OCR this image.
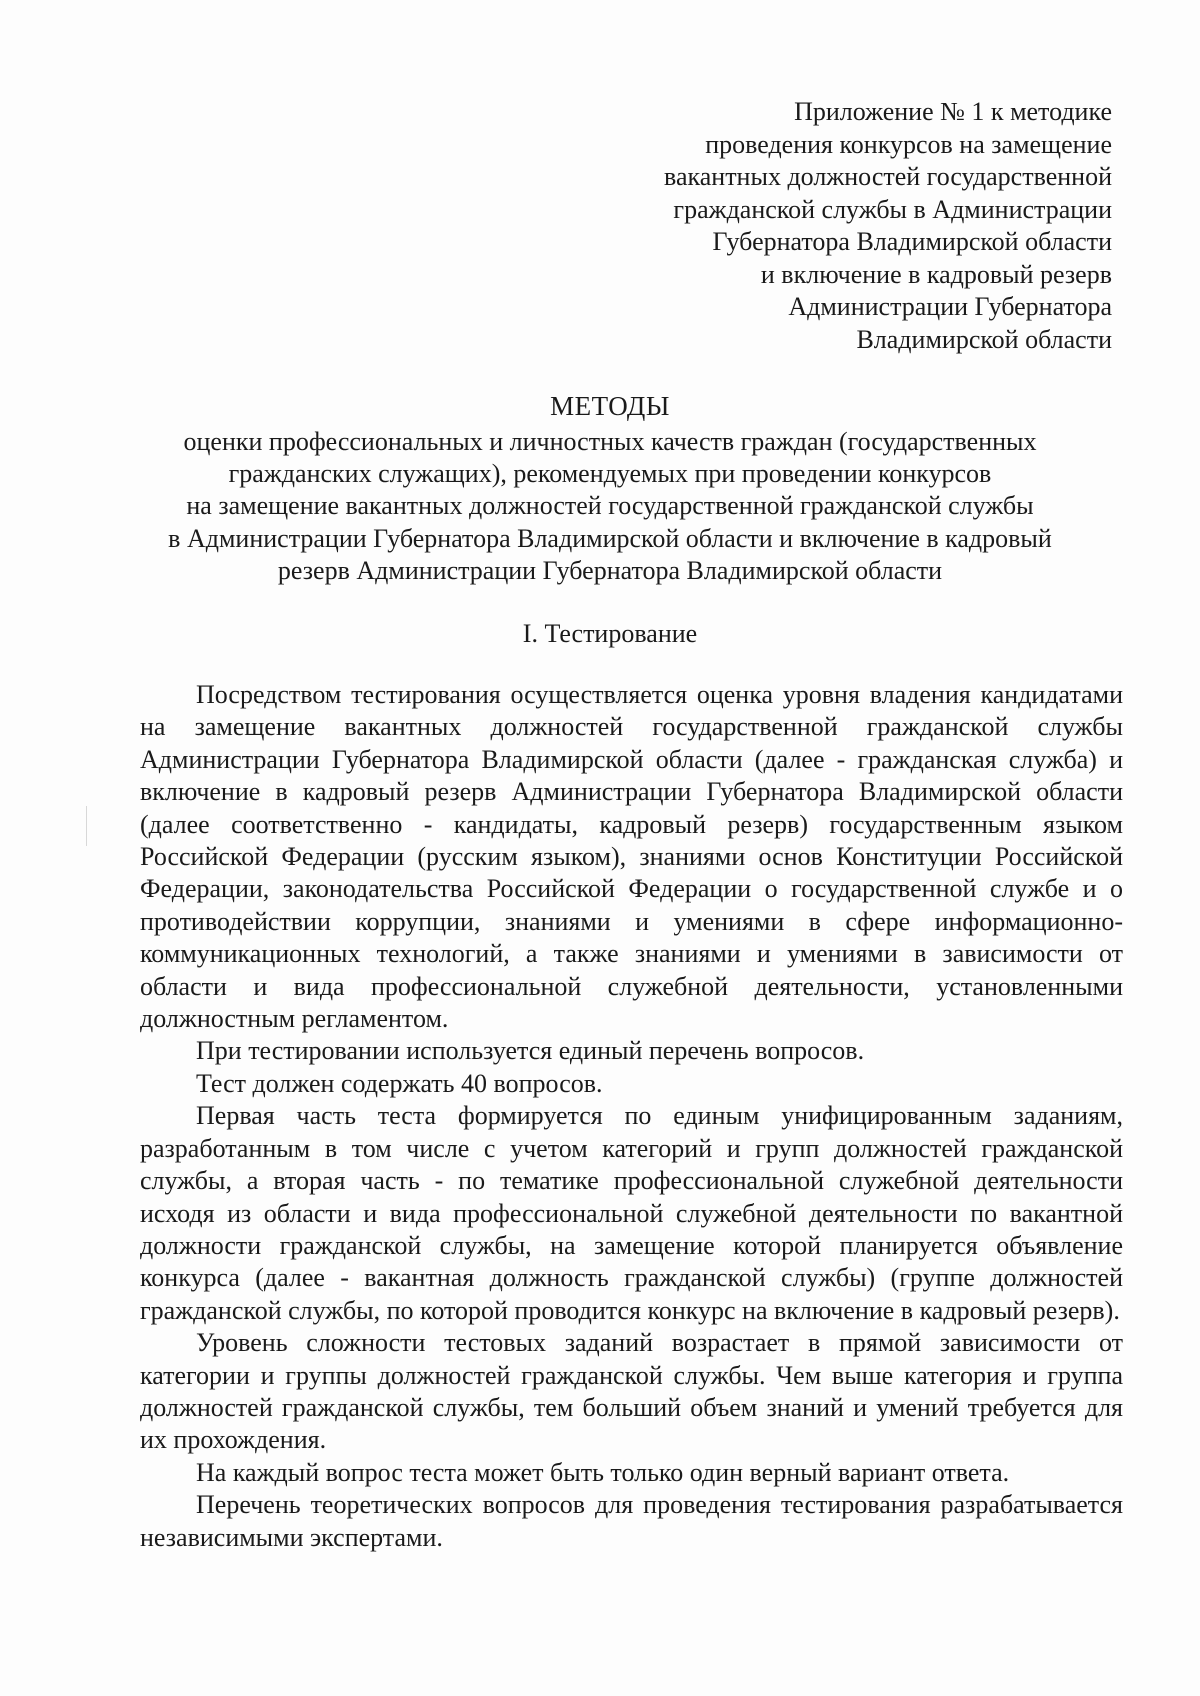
Приложение № 1 к методике
проведения конкурсов на замещение
вакантных должностей государственной
гражданской службы в Администрации
Губернатора Владимирской области
и включение в кадровый резерв
Администрации Губернатора
Владимирской области
МЕТОДЫ
оценки профессиональных и личностных качеств граждан (государственных
гражданских служащих), рекомендуемых при проведении конкурсов
на замещение вакантных должностей государственной гражданской службы
в Администрации Губернатора Владимирской области и включение в кадровый
резерв Администрации Губернатора Владимирской области
I. Тестирование

Посредством тестирования осуществляется оценка уровня владения кандидатами на замещение вакантных должностей государственной гражданской службы Администрации Губернатора Владимирской области (далее - гражданская служба) и включение в кадровый резерв Администрации Губернатора Владимирской области (далее соответственно - кандидаты, кадровый резерв) государственным языком Российской Федерации (русским языком), знаниями основ Конституции Российской Федерации, законодательства Российской Федерации о государственной службе и о противодействии коррупции, знаниями и умениями в сфере информационно-коммуникационных технологий, а также знаниями и умениями в зависимости от области и вида профессиональной служебной деятельности, установленными должностным регламентом.

При тестировании используется единый перечень вопросов.

Тест должен содержать 40 вопросов.

Первая часть теста формируется по единым унифицированным заданиям, разработанным в том числе с учетом категорий и групп должностей гражданской службы, а вторая часть - по тематике профессиональной служебной деятельности исходя из области и вида профессиональной служебной деятельности по вакантной должности гражданской службы, на замещение которой планируется объявление конкурса (далее - вакантная должность гражданской службы) (группе должностей гражданской службы, по которой проводится конкурс на включение в кадровый резерв).

Уровень сложности тестовых заданий возрастает в прямой зависимости от категории и группы должностей гражданской службы. Чем выше категория и группа должностей гражданской службы, тем больший объем знаний и умений требуется для их прохождения.

На каждый вопрос теста может быть только один верный вариант ответа.

Перечень теоретических вопросов для проведения тестирования разрабатывается независимыми экспертами.
